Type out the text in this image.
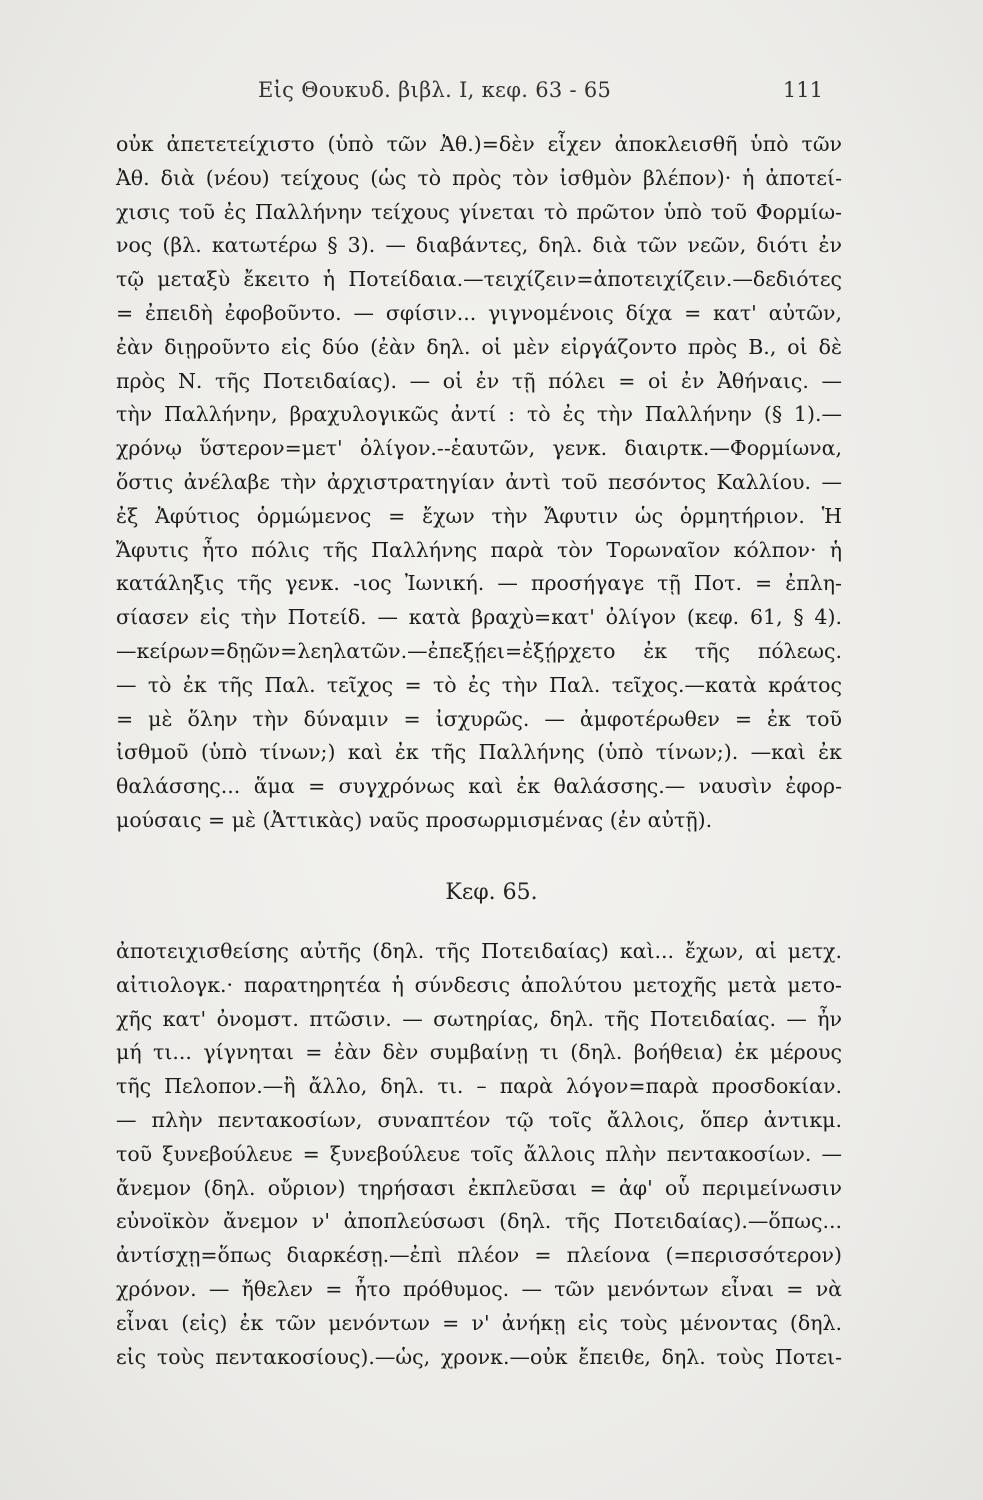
Εἰς Θουκυδ. βιβλ. Ι, κεφ. 63 - 65	111
οὐκ ἀπετετείχιστο (ὑπὸ τῶν Ἀθ.)=δὲν εἶχεν ἀποκλεισθῆ ὑπὸ τῶν
Ἀθ. διὰ (νέου) τείχους (ὡς τὸ πρὸς τὸν ἰσθμὸν βλέπον)· ἡ ἀποτεί-
χισις τοῦ ἐς Παλλήνην τείχους γίνεται τὸ πρῶτον ὑπὸ τοῦ Φορμίω-
νος (βλ. κατωτέρω § 3). — διαβάντες, δηλ. διὰ τῶν νεῶν, διότι ἐν
τῷ μεταξὺ ἔκειτο ἡ Ποτείδαια.—τειχίζειν=ἀποτειχίζειν.—δεδιότες
= ἐπειδὴ ἐφοβοῦντο. — σφίσιν... γιγνομένοις δίχα = κατ' αὐτῶν,
ἐὰν διῃροῦντο εἰς δύο (ἐὰν δηλ. οἱ μὲν εἰργάζοντο πρὸς Β., οἱ δὲ
πρὸς Ν. τῆς Ποτειδαίας). — οἱ ἐν τῇ πόλει = οἱ ἐν Ἀθήναις. —
τὴν Παλλήνην, βραχυλογικῶς ἀντί : τὸ ἐς τὴν Παλλήνην (§ 1).—
χρόνῳ ὕστερον=μετ' ὀλίγον.--ἑαυτῶν, γενκ. διαιρτκ.—Φορμίωνα,
ὅστις ἀνέλαβε τὴν ἀρχιστρατηγίαν ἀντὶ τοῦ πεσόντος Καλλίου. —
ἐξ Ἀφύτιος ὁρμώμενος = ἔχων τὴν Ἄφυτιν ὡς ὁρμητήριον. Ἡ
Ἄφυτις ἦτο πόλις τῆς Παλλήνης παρὰ τὸν Τορωναῖον κόλπον· ἡ
κατάληξις τῆς γενκ. -ιος Ἰωνική. — προσήγαγε τῇ Ποτ. = ἐπλη-
σίασεν εἰς τὴν Ποτείδ. — κατὰ βραχὺ=κατ' ὀλίγον (κεφ. 61, § 4).
—κείρων=δῃῶν=λεηλατῶν.—ἐπεξῄει=ἐξῄρχετο ἐκ τῆς πόλεως.
— τὸ ἐκ τῆς Παλ. τεῖχος = τὸ ἐς τὴν Παλ. τεῖχος.—κατὰ κράτος
= μὲ ὅλην τὴν δύναμιν = ἰσχυρῶς. — ἀμφοτέρωθεν = ἐκ τοῦ
ἰσθμοῦ (ὑπὸ τίνων;) καὶ ἐκ τῆς Παλλήνης (ὑπὸ τίνων;). —καὶ ἐκ
θαλάσσης... ἅμα = συγχρόνως καὶ ἐκ θαλάσσης.— ναυσὶν ἐφορ-
μούσαις = μὲ (Ἀττικὰς) ναῦς προσωρμισμένας (ἐν αὐτῇ).
Κεφ. 65.
ἀποτειχισθείσης αὐτῆς (δηλ. τῆς Ποτειδαίας) καὶ... ἔχων, αἱ μετχ.
αἰτιολογκ.· παρατηρητέα ἡ σύνδεσις ἀπολύτου μετοχῆς μετὰ μετο-
χῆς κατ' ὀνομστ. πτῶσιν. — σωτηρίας, δηλ. τῆς Ποτειδαίας. — ἦν
μή τι... γίγνηται = ἐὰν δὲν συμβαίνῃ τι (δηλ. βοήθεια) ἐκ μέρους
τῆς Πελοπον.—ἢ ἄλλο, δηλ. τι. – παρὰ λόγον=παρὰ προσδοκίαν.
— πλὴν πεντακοσίων, συναπτέον τῷ τοῖς ἄλλοις, ὅπερ ἀντικμ.
τοῦ ξυνεβούλευε = ξυνεβούλευε τοῖς ἄλλοις πλὴν πεντακοσίων. —
ἄνεμον (δηλ. οὔριον) τηρήσασι ἐκπλεῦσαι = ἀφ' οὗ περιμείνωσιν
εὐνοϊκὸν ἄνεμον ν' ἀποπλεύσωσι (δηλ. τῆς Ποτειδαίας).—ὅπως...
ἀντίσχῃ=ὅπως διαρκέσῃ.—ἐπὶ πλέον = πλείονα (=περισσότερον)
χρόνον. — ἤθελεν = ἦτο πρόθυμος. — τῶν μενόντων εἶναι = νὰ
εἶναι (εἰς) ἐκ τῶν μενόντων = ν' ἀνήκῃ εἰς τοὺς μένοντας (δηλ.
εἰς τοὺς πεντακοσίους).—ὡς, χρονκ.—οὐκ ἔπειθε, δηλ. τοὺς Ποτει-
